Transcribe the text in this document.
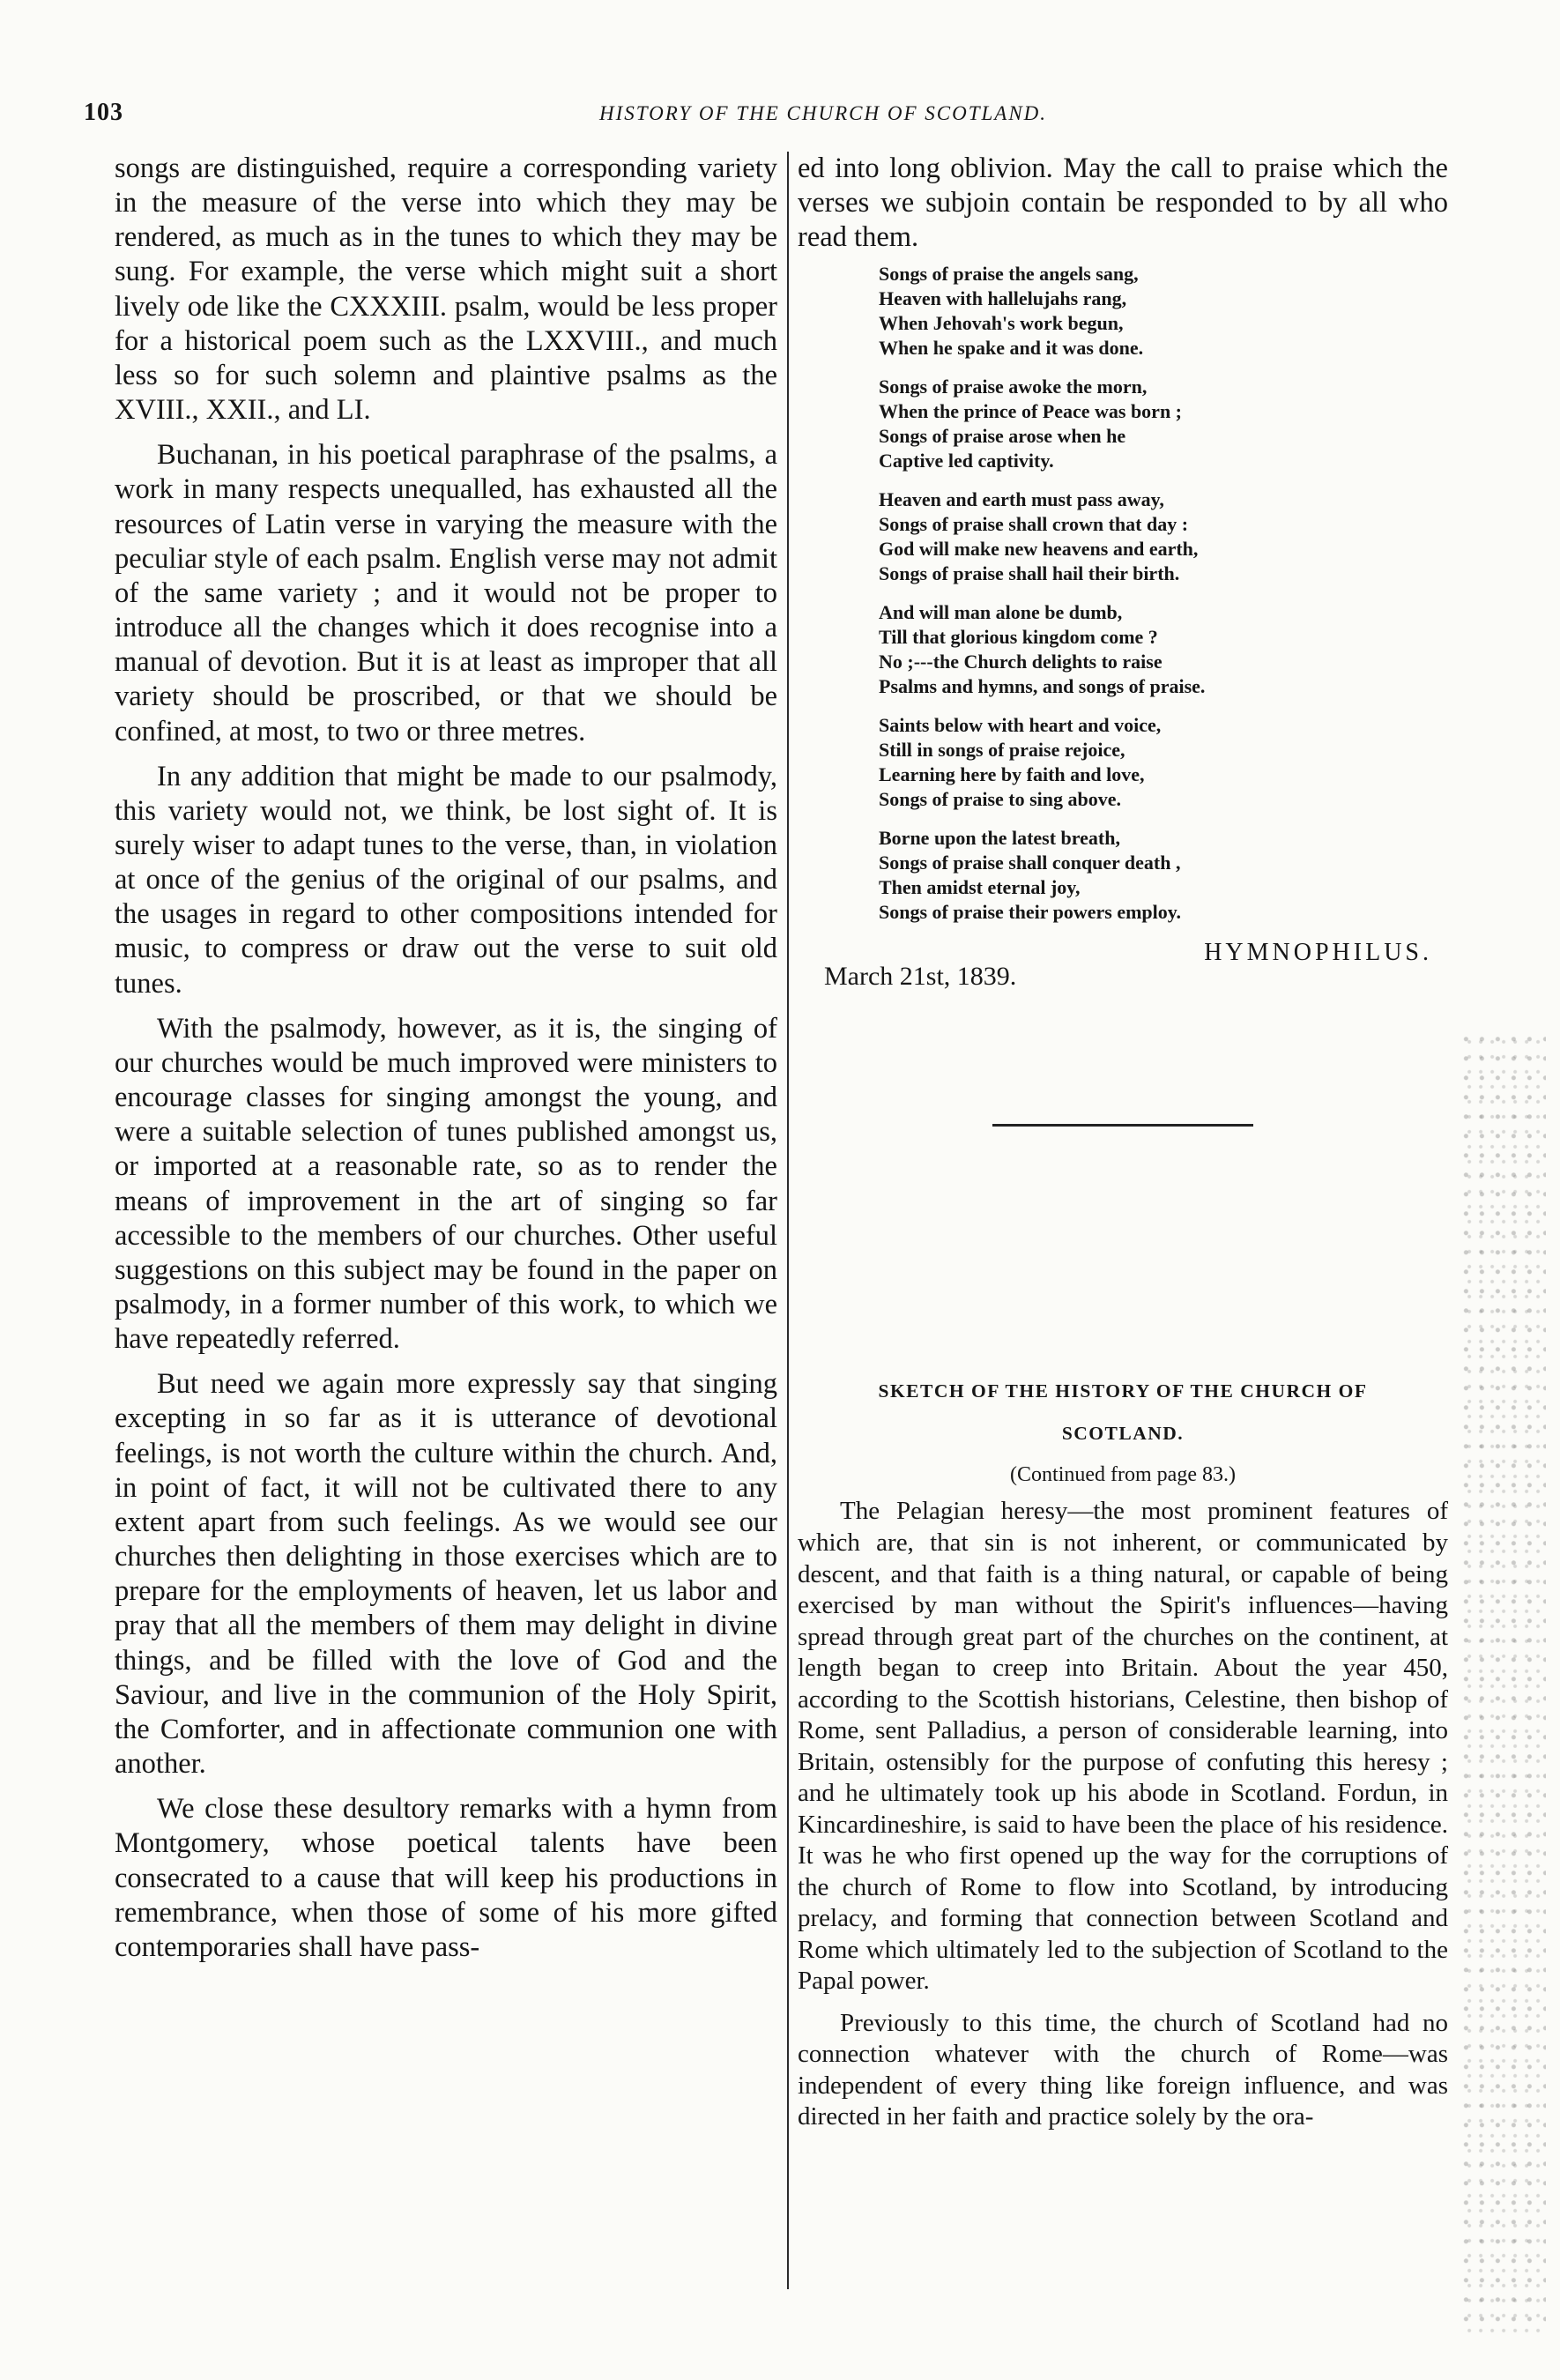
103	HISTORY OF THE CHURCH OF SCOTLAND.

songs are distinguished, require a corresponding variety in the measure of the verse into which they may be rendered, as much as in the tunes to which they may be sung. For example, the verse which might suit a short lively ode like the CXXXIII. psalm, would be less proper for a historical poem such as the LXXVIII., and much less so for such solemn and plaintive psalms as the XVIII., XXII., and LI.

Buchanan, in his poetical paraphrase of the psalms, a work in many respects unequalled, has exhausted all the resources of Latin verse in varying the measure with the peculiar style of each psalm. English verse may not admit of the same variety ; and it would not be proper to introduce all the changes which it does recognise into a manual of devotion. But it is at least as improper that all variety should be proscribed, or that we should be confined, at most, to two or three metres.

In any addition that might be made to our psalmody, this variety would not, we think, be lost sight of. It is surely wiser to adapt tunes to the verse, than, in violation at once of the genius of the original of our psalms, and the usages in regard to other compositions intended for music, to compress or draw out the verse to suit old tunes.

With the psalmody, however, as it is, the singing of our churches would be much improved were ministers to encourage classes for singing amongst the young, and were a suitable selection of tunes published amongst us, or imported at a reasonable rate, so as to render the means of improvement in the art of singing so far accessible to the members of our churches. Other useful suggestions on this subject may be found in the paper on psalmody, in a former number of this work, to which we have repeatedly referred.

But need we again more expressly say that singing excepting in so far as it is utterance of devotional feelings, is not worth the culture within the church. And, in point of fact, it will not be cultivated there to any extent apart from such feelings. As we would see our churches then delighting in those exercises which are to prepare for the employments of heaven, let us labor and pray that all the members of them may delight in divine things, and be filled with the love of God and the Saviour, and live in the communion of the Holy Spirit, the Comforter, and in affectionate communion one with another.

We close these desultory remarks with a hymn from Montgomery, whose poetical talents have been consecrated to a cause that will keep his productions in remembrance, when those of some of his more gifted contemporaries shall have pass-

ed into long oblivion. May the call to praise which the verses we subjoin contain be responded to by all who read them.

Songs of praise the angels sang,
Heaven with hallelujahs rang,
When Jehovah's work begun,
When he spake and it was done.
Songs of praise awoke the morn,
When the prince of Peace was born ;
Songs of praise arose when he
Captive led captivity.
Heaven and earth must pass away,
Songs of praise shall crown that day :
God will make new heavens and earth,
Songs of praise shall hail their birth.
And will man alone be dumb,
Till that glorious kingdom come ?
No ;---the Church delights to raise
Psalms and hymns, and songs of praise.
Saints below with heart and voice,
Still in songs of praise rejoice,
Learning here by faith and love,
Songs of praise to sing above.
Borne upon the latest breath,
Songs of praise shall conquer death ,
Then amidst eternal joy,
Songs of praise their powers employ.
HYMNOPHILUS.
March 21st, 1839.
SKETCH OF THE HISTORY OF THE CHURCH OF
SCOTLAND.
(Continued from page 83.)

The Pelagian heresy—the most prominent features of which are, that sin is not inherent, or communicated by descent, and that faith is a thing natural, or capable of being exercised by man without the Spirit's influences—having spread through great part of the churches on the continent, at length began to creep into Britain. About the year 450, according to the Scottish historians, Celestine, then bishop of Rome, sent Palladius, a person of considerable learning, into Britain, ostensibly for the purpose of confuting this heresy ; and he ultimately took up his abode in Scotland. Fordun, in Kincardineshire, is said to have been the place of his residence. It was he who first opened up the way for the corruptions of the church of Rome to flow into Scotland, by introducing prelacy, and forming that connection between Scotland and Rome which ultimately led to the subjection of Scotland to the Papal power.

Previously to this time, the church of Scotland had no connection whatever with the church of Rome—was independent of every thing like foreign influence, and was directed in her faith and practice solely by the ora-
